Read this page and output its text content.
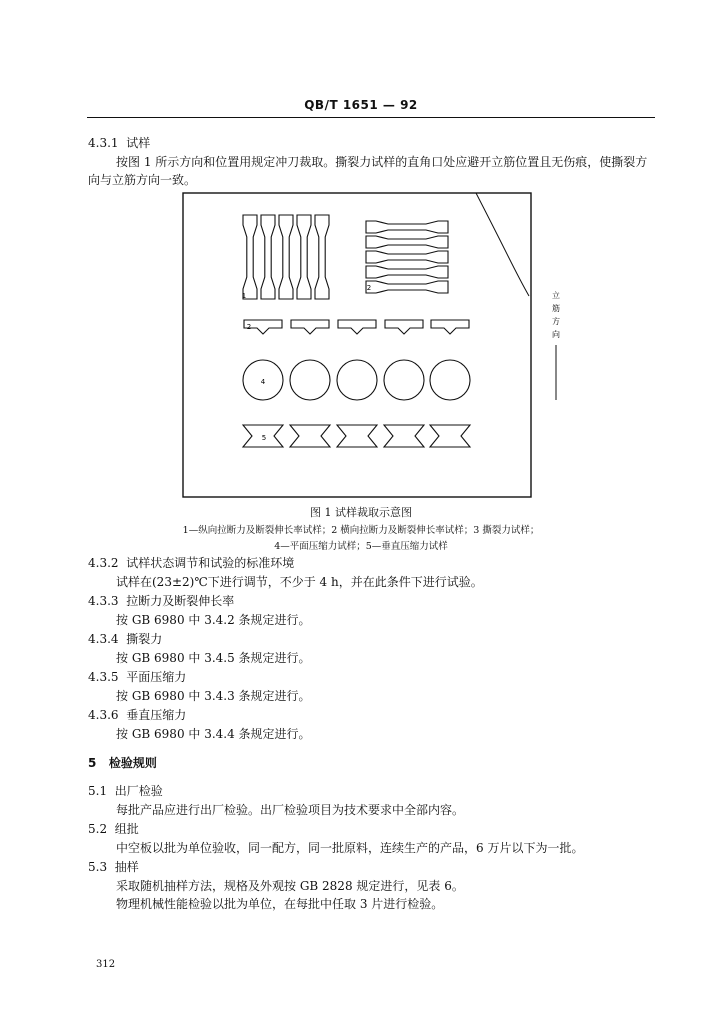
QB/T 1651 — 92
4.3.1 试样
按图 1 所示方向和位置用规定冲刀裁取。撕裂力试样的直角口处应避开立筋位置且无伤痕，使撕裂方向与立筋方向一致。
1
2
2
4
5
立
筋
方
向
图 1 试样裁取示意图
1—纵向拉断力及断裂伸长率试样；2 横向拉断力及断裂伸长率试样；3 撕裂力试样；
4—平面压缩力试样；5—垂直压缩力试样
4.3.2 试样状态调节和试验的标准环境
试样在(23±2)℃下进行调节，不少于 4 h，并在此条件下进行试验。
4.3.3 拉断力及断裂伸长率
按 GB 6980 中 3.4.2 条规定进行。
4.3.4 撕裂力
按 GB 6980 中 3.4.5 条规定进行。
4.3.5 平面压缩力
按 GB 6980 中 3.4.3 条规定进行。
4.3.6 垂直压缩力
按 GB 6980 中 3.4.4 条规定进行。
5 检验规则
5.1 出厂检验
每批产品应进行出厂检验。出厂检验项目为技术要求中全部内容。
5.2 组批
中空板以批为单位验收，同一配方，同一批原料，连续生产的产品，6 万片以下为一批。
5.3 抽样
采取随机抽样方法，规格及外观按 GB 2828 规定进行，见表 6。
物理机械性能检验以批为单位，在每批中任取 3 片进行检验。
312
